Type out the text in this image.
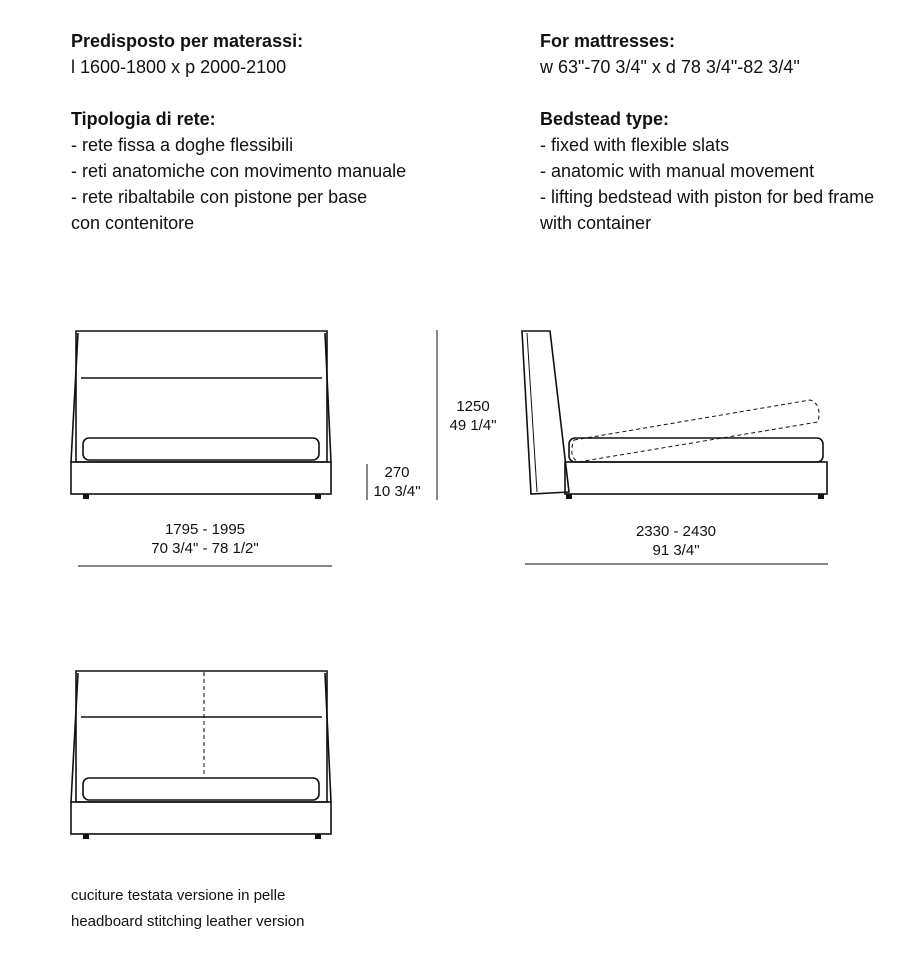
Predisposto per materassi:

l 1600-1800 x p 2000-2100

Tipologia di rete:

- rete fissa a doghe flessibili

- reti anatomiche con movimento manuale

- rete ribaltabile con pistone per base

con contenitore

For mattresses:

w 63"-70 3/4" x d 78 3/4"-82 3/4"

Bedstead type:

- fixed with flexible slats

- anatomic with manual movement

- lifting bedstead with piston for bed frame

with container

1795 - 1995
70 3/4" - 78 1/2"
270
10 3/4"
1250
49 1/4"
2330 - 2430
91 3/4"
cuciture testata versione in pelle
headboard stitching leather version
